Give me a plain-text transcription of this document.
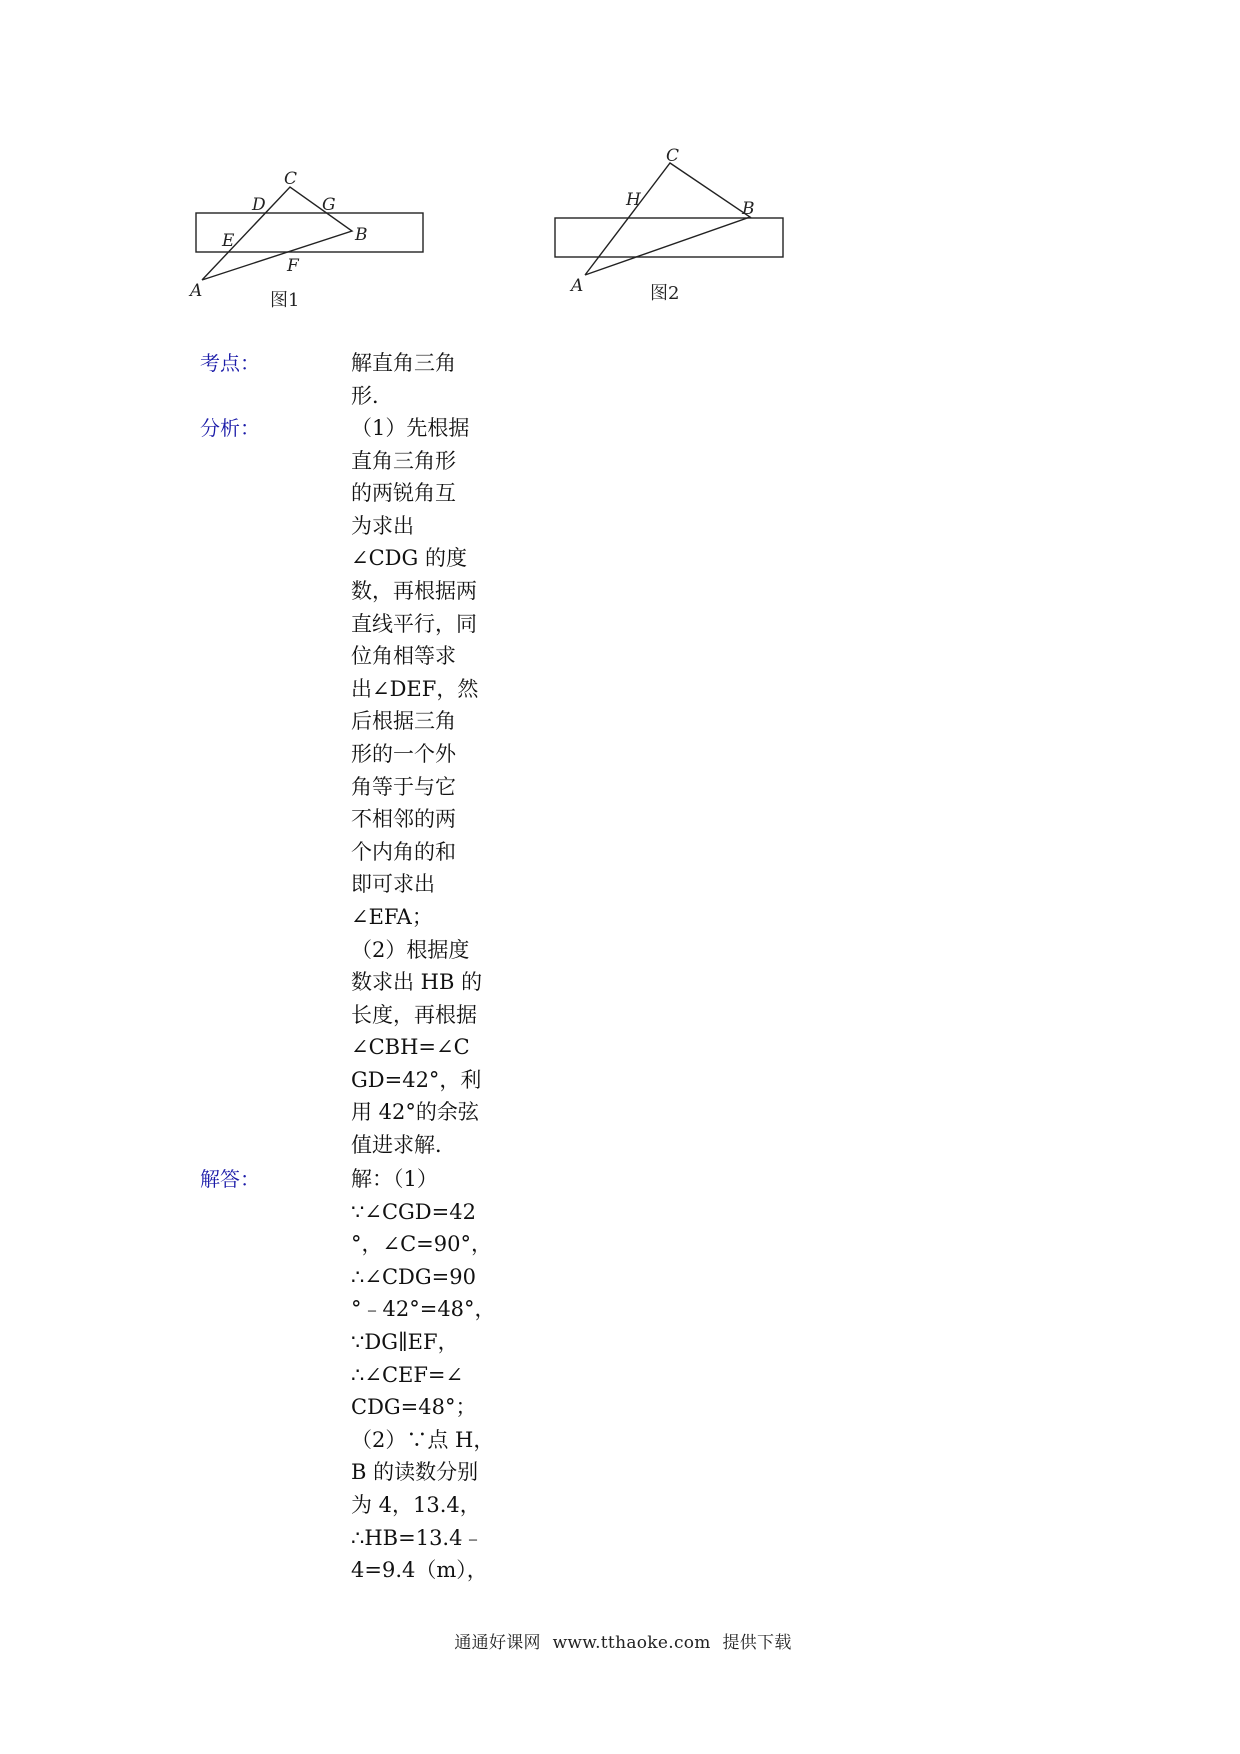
C
D	G
E	B
F
A	图1
C
H	B
A	图2
考点：	解直角三角
形．
分析：	（1）先根据
直角三角形
的两锐角互
为求出
∠CDG 的度
数，再根据两
直线平行，同
位角相等求
出∠DEF，然
后根据三角
形的一个外
角等于与它
不相邻的两
个内角的和
即可求出
∠EFA；
（2）根据度
数求出 HB 的
长度，再根据
∠CBH=∠C
GD=42°，利
用 42°的余弦
值进求解．
解答：	解：（1）
∵∠CGD=42
°，∠C=90°，
∴∠CDG=90
°﹣42°=48°，
∵DG∥EF，
∴∠CEF=∠
CDG=48°；
（2）∵点 H，
B 的读数分别
为 4，13.4，
∴HB=13.4﹣
4=9.4（m），
通通好课网 www.tthaoke.com 提供下载
